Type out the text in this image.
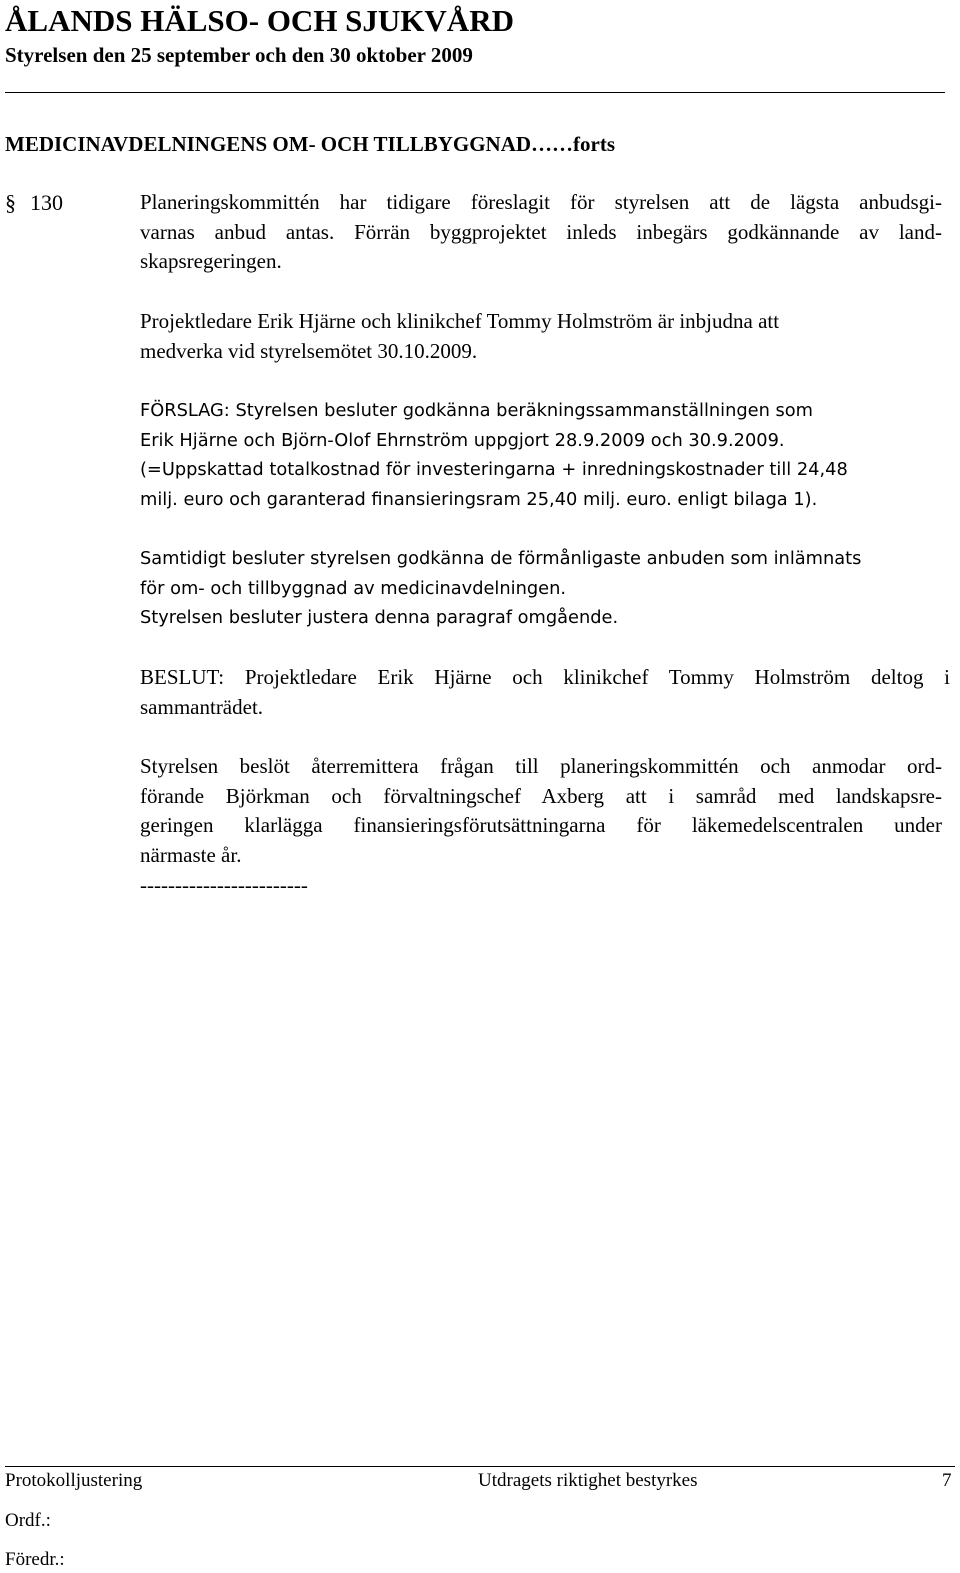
ÅLANDS HÄLSO- OCH SJUKVÅRD
Styrelsen den 25 september och den 30 oktober 2009
MEDICINAVDELNINGENS OM- OCH TILLBYGGNAD……forts
§ 130	Planeringskommittén har tidigare föreslagit för styrelsen att de lägsta anbudsgi-
varnas anbud antas. Förrän byggprojektet inleds inbegärs godkännande av land-
skapsregeringen.
Projektledare Erik Hjärne och klinikchef Tommy Holmström är inbjudna att
medverka vid styrelsemötet 30.10.2009.
FÖRSLAG: Styrelsen besluter godkänna beräkningssammanställningen som
Erik Hjärne och Björn-Olof Ehrnström uppgjort 28.9.2009 och 30.9.2009.
(=Uppskattad totalkostnad för investeringarna + inredningskostnader till 24,48
milj. euro och garanterad finansieringsram 25,40 milj. euro. enligt bilaga 1).
Samtidigt besluter styrelsen godkänna de förmånligaste anbuden som inlämnats
för om- och tillbyggnad av medicinavdelningen.
Styrelsen besluter justera denna paragraf omgående.
BESLUT: Projektledare Erik Hjärne och klinikchef Tommy Holmström deltog i
sammanträdet.
Styrelsen beslöt återremittera frågan till planeringskommittén och anmodar ord-
förande Björkman och förvaltningschef Axberg att i samråd med landskapsre-
geringen klarlägga finansieringsförutsättningarna för läkemedelscentralen under
närmaste år.
------------------------
Protokolljustering	Utdragets riktighet bestyrkes	7
Ordf.:
Föredr.:
